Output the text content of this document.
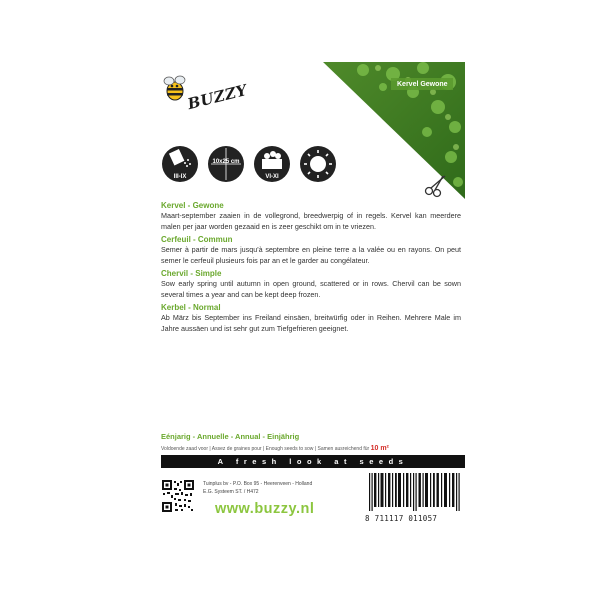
BUZZY	Kervel Gewone
III-IX
10x25 cm
VI-XI
Kervel - Gewone
Maart-september zaaien in de vollegrond, breedwerpig of in regels. Kervel kan meerdere malen per jaar worden gezaaid en is zeer geschikt om in te vriezen.
Cerfeuil - Commun
Semer à partir de mars jusqu'à septembre en pleine terre a la valée ou en rayons. On peut semer le cerfeuil plusieurs fois par an et le garder au congélateur.
Chervil - Simple
Sow early spring until autumn in open ground, scattered or in rows. Chervil can be sown several times a year and can be kept deep frozen.
Kerbel - Normal
Ab März bis September ins Freiland einsäen, breitwürfig oder in Reihen. Mehrere Male im Jahre aussäen und ist sehr gut zum Tiefgefrieren geeignet.
Eénjarig - Annuelle - Annual - Einjährig
Voldoende zaad voor | Assez de graines pour | Enough seeds to sow | Samen ausreichend für 10 m²
A fresh look at seeds
Tuinplus bv - P.O. Box 95 - Heerenveen - Holland
E.G. Systeem ST. / H472
www.buzzy.nl
8 711117 011057
